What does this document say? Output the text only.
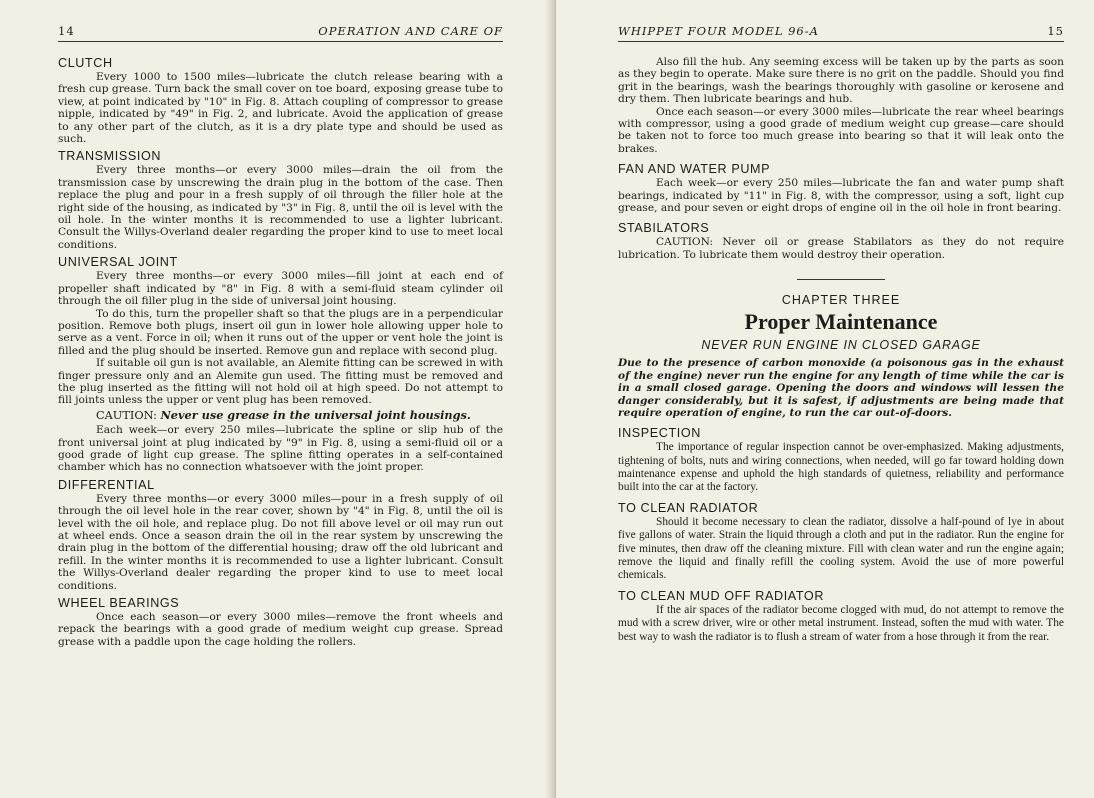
14	OPERATION AND CARE OF
CLUTCH

Every 1000 to 1500 miles—lubricate the clutch release bearing with a fresh cup grease. Turn back the small cover on toe board, exposing grease tube to view, at point indicated by "10" in Fig. 8. Attach coupling of compressor to grease nipple, indicated by "49" in Fig. 2, and lubricate. Avoid the application of grease to any other part of the clutch, as it is a dry plate type and should be used as such.

TRANSMISSION

Every three months—or every 3000 miles—drain the oil from the transmission case by unscrewing the drain plug in the bottom of the case. Then replace the plug and pour in a fresh supply of oil through the filler hole at the right side of the housing, as indicated by "3" in Fig. 8, until the oil is level with the oil hole. In the winter months it is recommended to use a lighter lubricant. Consult the Willys-Overland dealer regarding the proper kind to use to meet local conditions.

UNIVERSAL JOINT

Every three months—or every 3000 miles—fill joint at each end of propeller shaft indicated by "8" in Fig. 8 with a semi-fluid steam cylinder oil through the oil filler plug in the side of universal joint housing.

To do this, turn the propeller shaft so that the plugs are in a perpendicular position. Remove both plugs, insert oil gun in lower hole allowing upper hole to serve as a vent. Force in oil; when it runs out of the upper or vent hole the joint is filled and the plug should be inserted. Remove gun and replace with second plug.

If suitable oil gun is not available, an Alemite fitting can be screwed in with finger pressure only and an Alemite gun used. The fitting must be removed and the plug inserted as the fitting will not hold oil at high speed. Do not attempt to fill joints unless the upper or vent plug has been removed.

CAUTION: Never use grease in the universal joint housings.

Each week—or every 250 miles—lubricate the spline or slip hub of the front universal joint at plug indicated by "9" in Fig. 8, using a semi-fluid oil or a good grade of light cup grease. The spline fitting operates in a self-contained chamber which has no connection whatsoever with the joint proper.

DIFFERENTIAL

Every three months—or every 3000 miles—pour in a fresh supply of oil through the oil level hole in the rear cover, shown by "4" in Fig. 8, until the oil is level with the oil hole, and replace plug. Do not fill above level or oil may run out at wheel ends. Once a season drain the oil in the rear system by unscrewing the drain plug in the bottom of the differential housing; draw off the old lubricant and refill. In the winter months it is recommended to use a lighter lubricant. Consult the Willys-Overland dealer regarding the proper kind to use to meet local conditions.

WHEEL BEARINGS

Once each season—or every 3000 miles—remove the front wheels and repack the bearings with a good grade of medium weight cup grease. Spread grease with a paddle upon the cage holding the rollers.

WHIPPET FOUR MODEL 96-A	15

Also fill the hub. Any seeming excess will be taken up by the parts as soon as they begin to operate. Make sure there is no grit on the paddle. Should you find grit in the bearings, wash the bearings thoroughly with gasoline or kerosene and dry them. Then lubricate bearings and hub.

Once each season—or every 3000 miles—lubricate the rear wheel bearings with compressor, using a good grade of medium weight cup grease—care should be taken not to force too much grease into bearing so that it will leak onto the brakes.

FAN AND WATER PUMP

Each week—or every 250 miles—lubricate the fan and water pump shaft bearings, indicated by "11" in Fig. 8, with the compressor, using a soft, light cup grease, and pour seven or eight drops of engine oil in the oil hole in front bearing.

STABILATORS

CAUTION: Never oil or grease Stabilators as they do not require lubrication. To lubricate them would destroy their operation.

CHAPTER THREE
Proper Maintenance
NEVER RUN ENGINE IN CLOSED GARAGE

Due to the presence of carbon monoxide (a poisonous gas in the exhaust of the engine) never run the engine for any length of time while the car is in a small closed garage. Opening the doors and windows will lessen the danger considerably, but it is safest, if adjustments are being made that require operation of engine, to run the car out-of-doors.

INSPECTION

The importance of regular inspection cannot be over-emphasized. Making adjustments, tightening of bolts, nuts and wiring connections, when needed, will go far toward holding down maintenance expense and uphold the high standards of quietness, reliability and performance built into the car at the factory.

TO CLEAN RADIATOR

Should it become necessary to clean the radiator, dissolve a half-pound of lye in about five gallons of water. Strain the liquid through a cloth and put in the radiator. Run the engine for five minutes, then draw off the cleaning mixture. Fill with clean water and run the engine again; remove the liquid and finally refill the cooling system. Avoid the use of more powerful chemicals.

TO CLEAN MUD OFF RADIATOR

If the air spaces of the radiator become clogged with mud, do not attempt to remove the mud with a screw driver, wire or other metal instrument. Instead, soften the mud with water. The best way to wash the radiator is to flush a stream of water from a hose through it from the rear.
